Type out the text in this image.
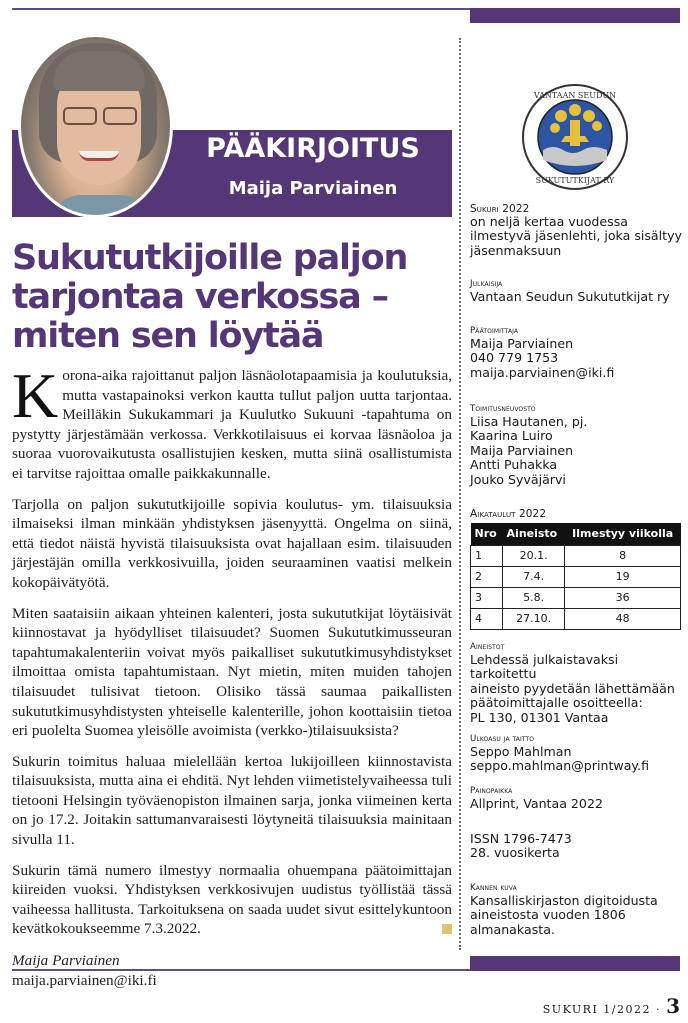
PÄÄKIRJOITUS
Maija Parviainen
Sukututkijoille paljon
tarjontaa verkossa –
miten sen löytää

Korona-aika rajoittanut paljon läsnäolotapaamisia ja koulutuksia, mutta vastapainoksi verkon kautta tullut paljon uutta tarjontaa. Meilläkin Sukukammari ja Kuulutko Sukuuni -tapahtuma on pystytty järjestämään verkossa. Verkkotilaisuus ei korvaa läsnäoloa ja suoraa vuorovaikutusta osallistujien kesken, mutta siinä osallistumista ei tarvitse rajoittaa omalle paikkakunnalle.

Tarjolla on paljon sukututkijoille sopivia koulutus- ym. tilaisuuksia ilmaiseksi ilman minkään yhdistyksen jäsenyyttä. Ongelma on siinä, että tiedot näistä hyvistä tilaisuuksista ovat hajallaan esim. tilaisuuden järjestäjän omilla verkkosivuilla, joiden seuraaminen vaatisi melkein kokopäivätyötä.

Miten saataisiin aikaan yhteinen kalenteri, josta sukututkijat löytäisivät kiinnostavat ja hyödylliset tilaisuudet? Suomen Sukututkimusseuran tapahtumakalenteriin voivat myös paikalliset sukututkimusyhdistykset ilmoittaa omista tapahtumistaan. Nyt mietin, miten muiden tahojen tilaisuudet tulisivat tietoon. Olisiko tässä saumaa paikallisten sukututkimusyhdistysten yhteiselle kalenterille, johon koottaisiin tietoa eri puolelta Suomea yleisölle avoimista (verkko-)tilaisuuksista?

Sukurin toimitus haluaa mielellään kertoa lukijoilleen kiinnostavista tilaisuuksista, mutta aina ei ehditä. Nyt lehden viimetistelyvaiheessa tuli tietooni Helsingin työväenopiston ilmainen sarja, jonka viimeinen kerta on jo 17.2. Joitakin sattumanvaraisesti löytyneitä tilaisuuksia mainitaan sivulla 11.

Sukurin tämä numero ilmestyy normaalia ohuempana päätoimittajan kiireiden vuoksi. Yhdistyksen verkkosivujen uudistus työllistää tässä vaiheessa hallitusta. Tarkoituksena on saada uudet sivut esittelykuntoon kevätkokoukseemme 7.3.2022.

Maija Parviainen
maija.parviainen@iki.fi
VANTAAN SEUDUN
SUKUTUTKIJAT RY
Sukuri 2022
on neljä kertaa vuodessa ilmestyvä jäsenlehti, joka sisältyy jäsenmaksuun
Julkaisija
Vantaan Seudun Sukututkijat ry
Päätoimittaja
Maija Parviainen
040 779 1753
maija.parviainen@iki.fi
Toimitusneuvosto
Liisa Hautanen, pj.
Kaarina Luiro
Maija Parviainen
Antti Puhakka
Jouko Syväjärvi
Aikataulut 2022
Nro	Aineisto	Ilmestyy viikolla
1	20.1.	8
2	7.4.	19
3	5.8.	36
4	27.10.	48
Aineistot
Lehdessä julkaistavaksi tarkoitettu
aineisto pyydetään lähettämään
päätoimittajalle osoitteella:
PL 130, 01301 Vantaa
Ulkoasu ja taitto
Seppo Mahlman
seppo.mahlman@printway.fi
Painopaikka
Allprint, Vantaa 2022
ISSN 1796-7473
28. vuosikerta
Kannen kuva
Kansalliskirjaston digitoidusta
aineistosta vuoden 1806
almanakasta.
SUKURI 1/2022 · 3
